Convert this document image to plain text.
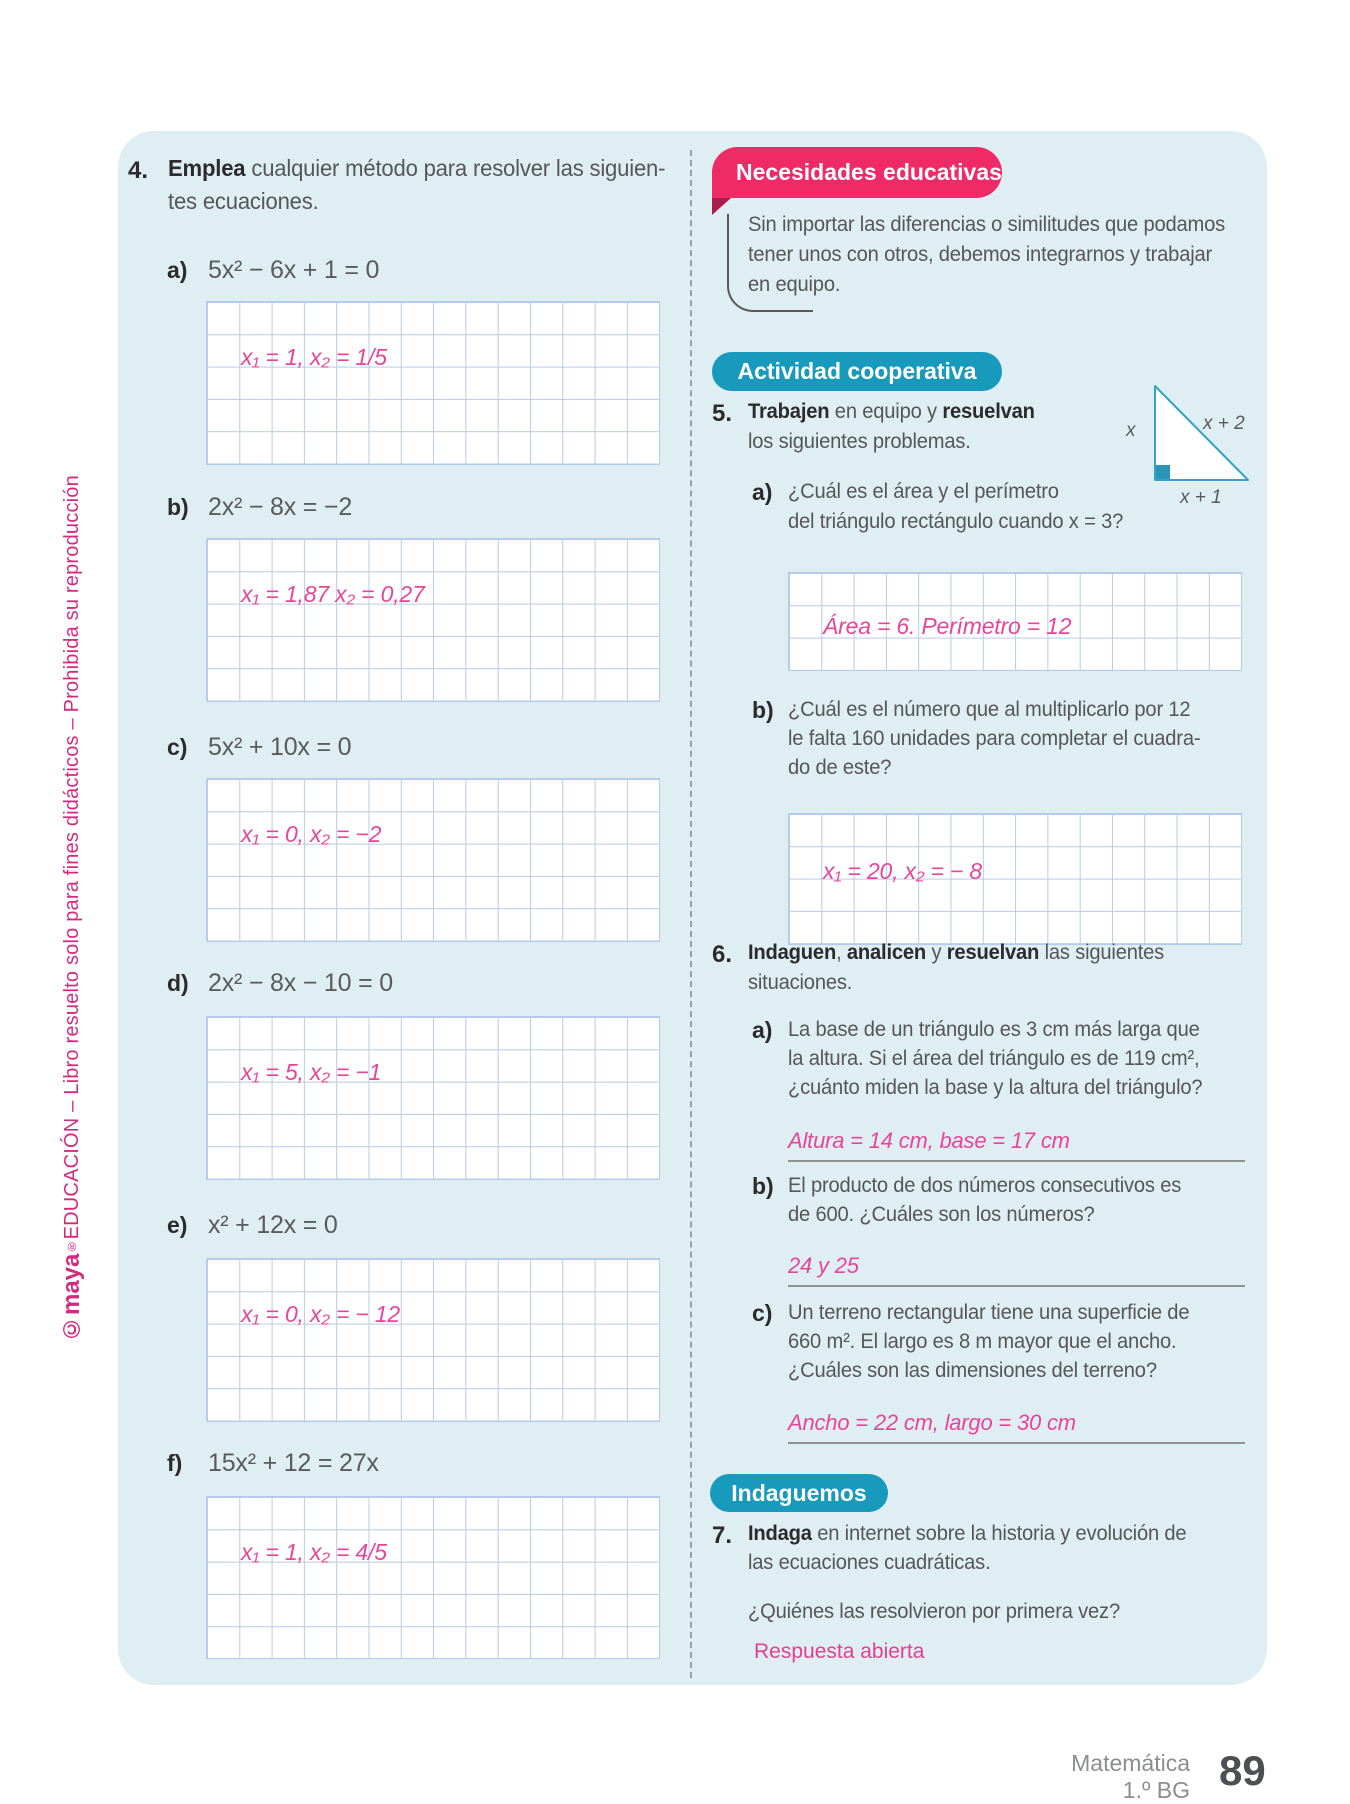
©maya®EDUCACIÓN – Libro resuelto solo para fines didácticos – Prohibida su reproducción
4. Emplea cualquier método para resolver las siguien-
tes ecuaciones.
a) 5x² − 6x + 1 = 0
x₁ = 1, x₂ = 1/5
b) 2x² − 8x = −2
x₁ = 1,87 x₂ = 0,27
c) 5x² + 10x = 0
x₁ = 0, x₂ = −2
d) 2x² − 8x − 10 = 0
x₁ = 5, x₂ = −1
e) x² + 12x = 0
x₁ = 0, x₂ = − 12
f) 15x² + 12 = 27x
x₁ = 1, x₂ = 4/5
Necesidades educativas
Sin importar las diferencias o similitudes que podamos
tener unos con otros, debemos integrarnos y trabajar
en equipo.
Actividad cooperativa
5. Trabajen en equipo y resuelvan
los siguientes problemas.	x	x + 2
x + 1
a) ¿Cuál es el área y el perímetro
del triángulo rectángulo cuando x = 3?
Área = 6. Perímetro = 12
b) ¿Cuál es el número que al multiplicarlo por 12
le falta 160 unidades para completar el cuadra-
do de este?
x₁ = 20, x₂ = − 8
6. Indaguen, analicen y resuelvan las siguientes
situaciones.
a) La base de un triángulo es 3 cm más larga que
la altura. Si el área del triángulo es de 119 cm²,
¿cuánto miden la base y la altura del triángulo?
Altura = 14 cm, base = 17 cm
b) El producto de dos números consecutivos es
de 600. ¿Cuáles son los números?
24 y 25
c) Un terreno rectangular tiene una superficie de
660 m². El largo es 8 m mayor que el ancho.
¿Cuáles son las dimensiones del terreno?
Ancho = 22 cm, largo = 30 cm
Indaguemos
7. Indaga en internet sobre la historia y evolución de
las ecuaciones cuadráticas.
¿Quiénes las resolvieron por primera vez?
Respuesta abierta
Matemática
1.º BG 89
